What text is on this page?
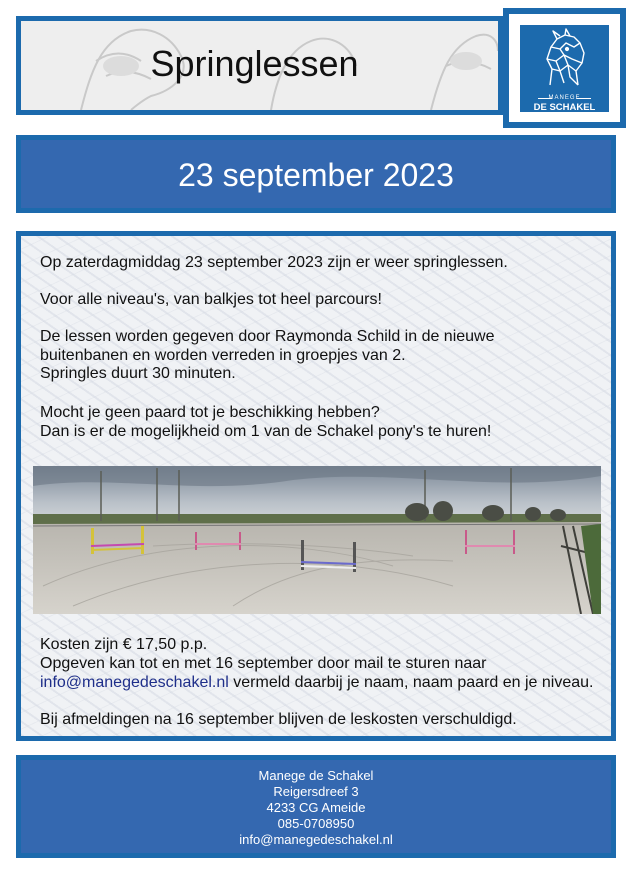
Springlessen
MANEGE
DE SCHAKEL
23 september 2023

Op zaterdagmiddag 23 september 2023 zijn er weer springlessen.

Voor alle niveau's, van balkjes tot heel parcours!

De lessen worden gegeven door Raymonda Schild in de nieuwe
buitenbanen en worden verreden in groepjes van 2.
Springles duurt 30 minuten.

Mocht je geen paard tot je beschikking hebben?
Dan is er de mogelijkheid om 1 van de Schakel pony's te huren!

Kosten zijn € 17,50 p.p.

Opgeven kan tot en met 16 september door mail te sturen naar
info@manegedeschakel.nl vermeld daarbij je naam, naam paard en je niveau.

Bij afmeldingen na 16 september blijven de leskosten verschuldigd.

Manege de Schakel
Reigersdreef 3
4233 CG Ameide
085-0708950
info@manegedeschakel.nl
